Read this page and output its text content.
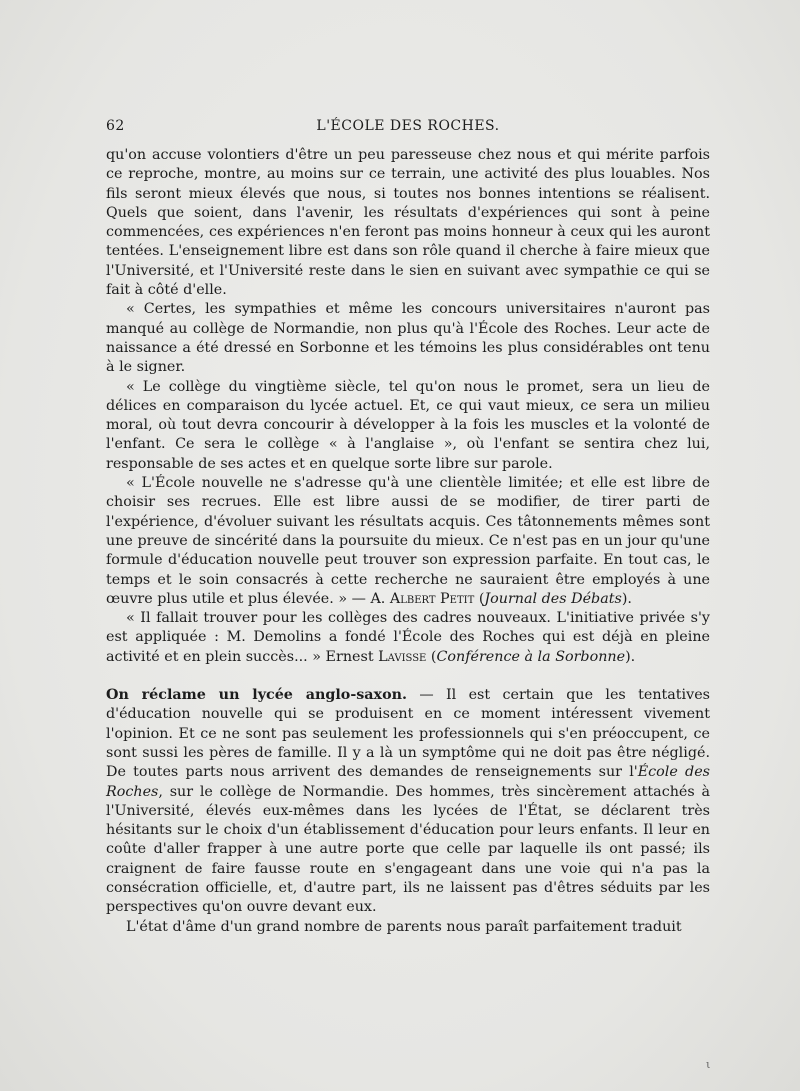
62	L'ÉCOLE DES ROCHES.

qu'on accuse volontiers d'être un peu paresseuse chez nous et qui mérite parfois ce reproche, montre, au moins sur ce terrain, une activité des plus louables. Nos fils seront mieux élevés que nous, si toutes nos bonnes intentions se réalisent. Quels que soient, dans l'avenir, les résultats d'expériences qui sont à peine commencées, ces expériences n'en feront pas moins honneur à ceux qui les auront tentées. L'enseignement libre est dans son rôle quand il cherche à faire mieux que l'Université, et l'Université reste dans le sien en suivant avec sympathie ce qui se fait à côté d'elle.

« Certes, les sympathies et même les concours universitaires n'auront pas manqué au collège de Normandie, non plus qu'à l'École des Roches. Leur acte de naissance a été dressé en Sorbonne et les témoins les plus considérables ont tenu à le signer.

« Le collège du vingtième siècle, tel qu'on nous le promet, sera un lieu de délices en comparaison du lycée actuel. Et, ce qui vaut mieux, ce sera un milieu moral, où tout devra concourir à développer à la fois les muscles et la volonté de l'enfant. Ce sera le collège « à l'anglaise », où l'enfant se sentira chez lui, responsable de ses actes et en quelque sorte libre sur parole.

« L'École nouvelle ne s'adresse qu'à une clientèle limitée; et elle est libre de choisir ses recrues. Elle est libre aussi de se modifier, de tirer parti de l'expérience, d'évoluer suivant les résultats acquis. Ces tâtonnements mêmes sont une preuve de sincérité dans la poursuite du mieux. Ce n'est pas en un jour qu'une formule d'éducation nouvelle peut trouver son expression parfaite. En tout cas, le temps et le soin consacrés à cette recherche ne sauraient être employés à une œuvre plus utile et plus élevée. » — A. Albert Petit (Journal des Débats).

« Il fallait trouver pour les collèges des cadres nouveaux. L'initiative privée s'y est appliquée : M. Demolins a fondé l'École des Roches qui est déjà en pleine activité et en plein succès... » Ernest Lavisse (Conférence à la Sorbonne).

On réclame un lycée anglo-saxon. — Il est certain que les tentatives d'éducation nouvelle qui se produisent en ce moment intéressent vivement l'opinion. Et ce ne sont pas seulement les professionnels qui s'en préoccupent, ce sont sussi les pères de famille. Il y a là un symptôme qui ne doit pas être négligé. De toutes parts nous arrivent des demandes de renseignements sur l'École des Roches, sur le collège de Normandie. Des hommes, très sincèrement attachés à l'Université, élevés eux-mêmes dans les lycées de l'État, se déclarent très hésitants sur le choix d'un établissement d'éducation pour leurs enfants. Il leur en coûte d'aller frapper à une autre porte que celle par laquelle ils ont passé; ils craignent de faire fausse route en s'engageant dans une voie qui n'a pas la consécration officielle, et, d'autre part, ils ne laissent pas d'êtres séduits par les perspectives qu'on ouvre devant eux.

L'état d'âme d'un grand nombre de parents nous paraît parfaitement traduit

ι
